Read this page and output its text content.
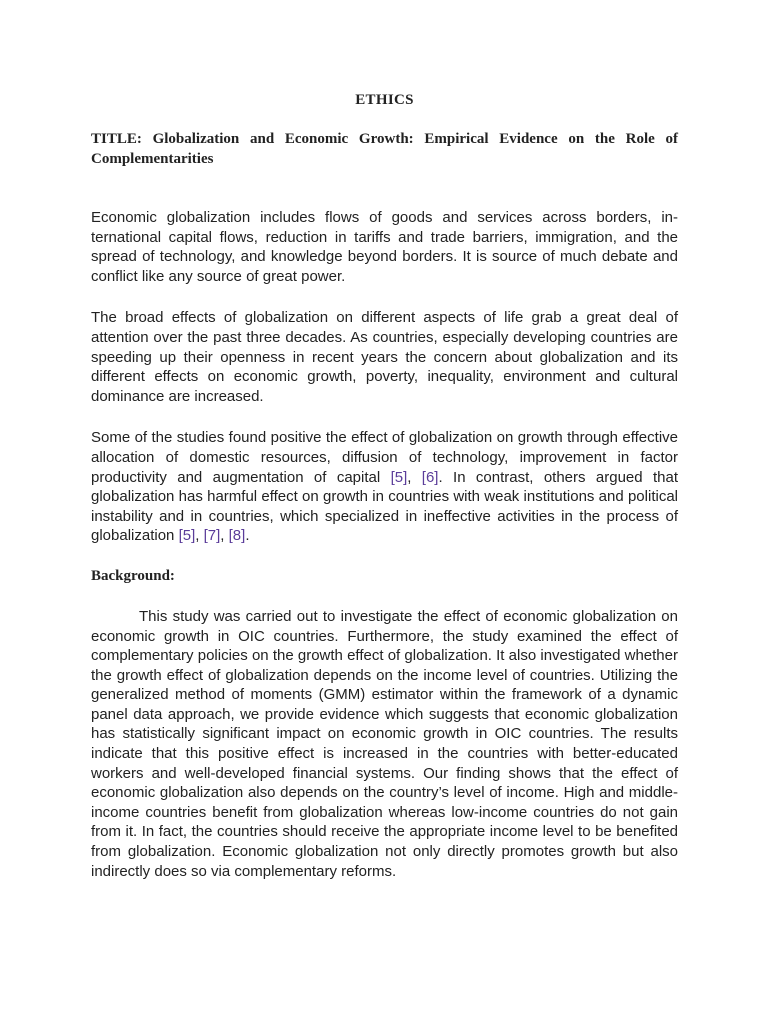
ETHICS
TITLE: Globalization and Economic Growth: Empirical Evidence on the Role of Complementarities

Economic globalization includes flows of goods and services across borders, international capital flows, reduction in tariffs and trade barriers, immigration, and the spread of technology, and knowledge beyond borders. It is source of much debate and conflict like any source of great power.

The broad effects of globalization on different aspects of life grab a great deal of attention over the past three decades. As countries, especially developing countries are speeding up their openness in recent years the concern about globalization and its different effects on economic growth, poverty, inequality, environment and cultural dominance are increased.

Some of the studies found positive the effect of globalization on growth through effective allocation of domestic resources, diffusion of technology, improvement in factor productivity and augmentation of capital [5], [6]. In contrast, others argued that globalization has harmful effect on growth in countries with weak institutions and political instability and in countries, which specialized in ineffective activities in the process of globalization [5], [7], [8].

Background:

This study was carried out to investigate the effect of economic globalization on economic growth in OIC countries. Furthermore, the study examined the effect of complementary policies on the growth effect of globalization. It also investigated whether the growth effect of globalization depends on the income level of countries. Utilizing the generalized method of moments (GMM) estimator within the framework of a dynamic panel data approach, we provide evidence which suggests that economic globalization has statistically significant impact on economic growth in OIC countries. The results indicate that this positive effect is increased in the countries with better-educated workers and well-developed financial systems. Our finding shows that the effect of economic globalization also depends on the country’s level of income. High and middle-income countries benefit from globalization whereas low-income countries do not gain from it. In fact, the countries should receive the appropriate income level to be benefited from globalization. Economic globalization not only directly promotes growth but also indirectly does so via complementary reforms.
